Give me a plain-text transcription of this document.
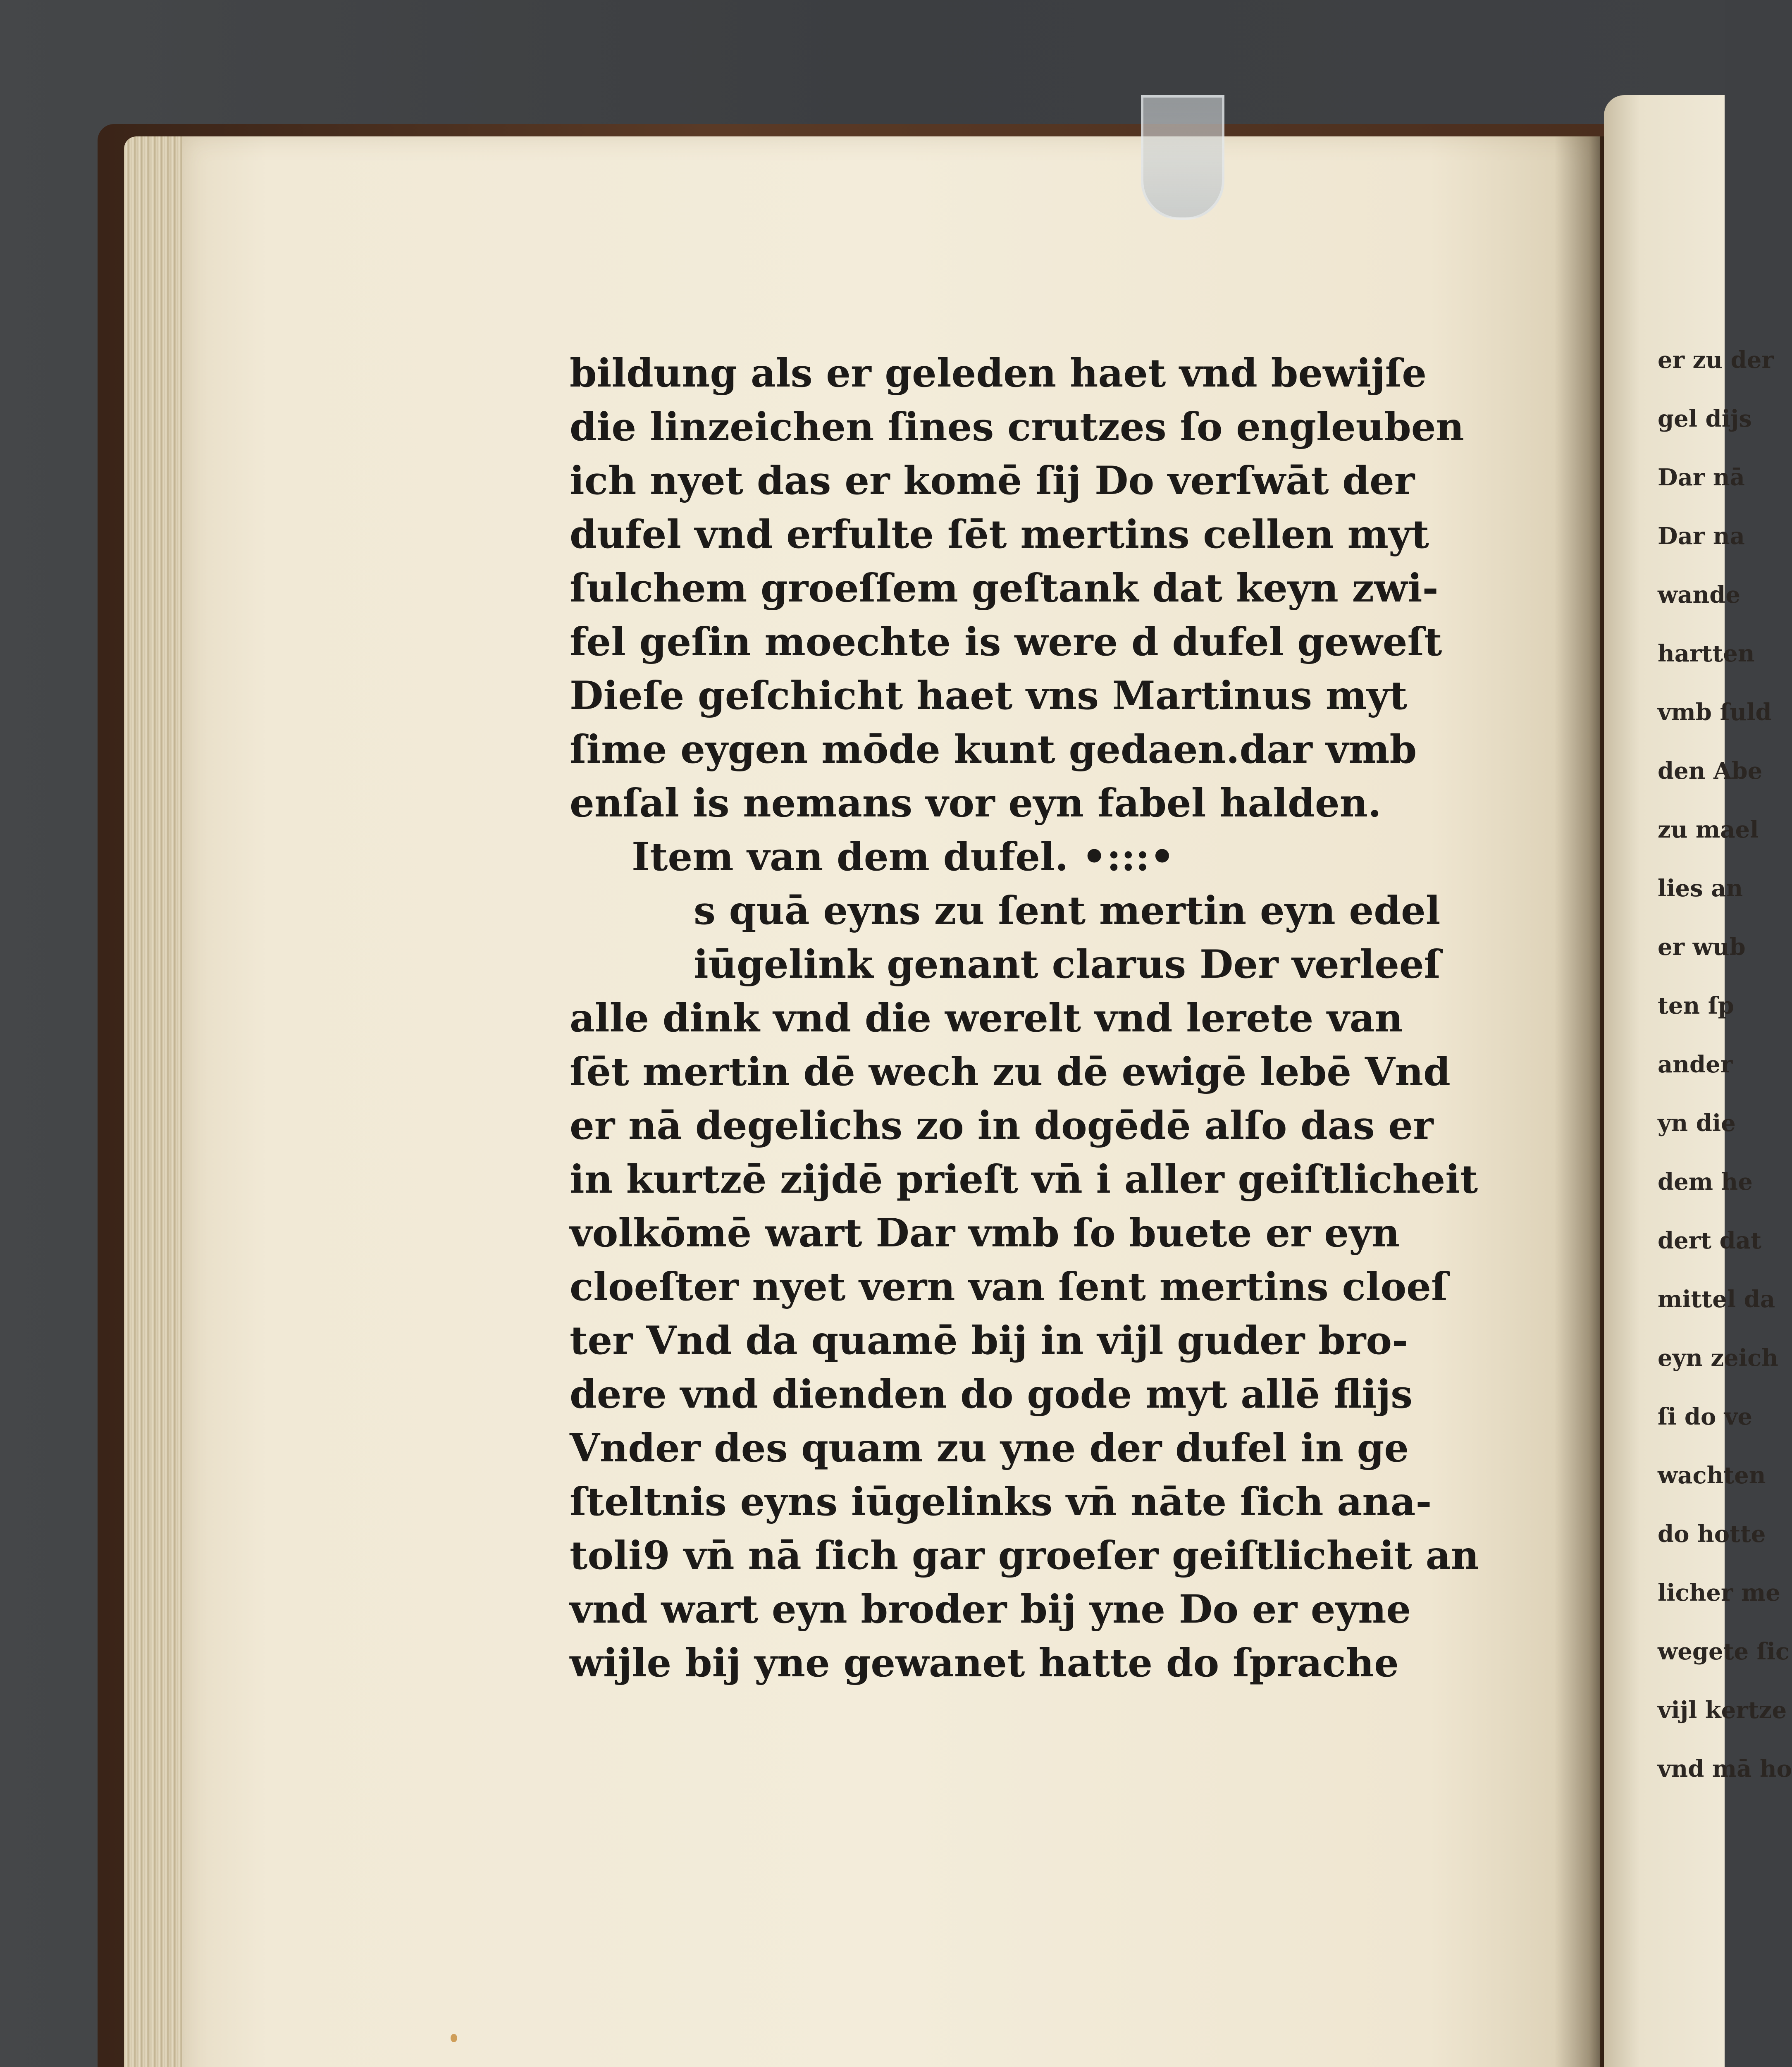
er zu der
gel dijs
Dar nā
Dar na
wande
hartten
vmb ſuld
den Abe
zu mael
lies an
er wub
ten ſp
ander
yn die
dem he
dert dat
mittel da
eyn zeich
ſi do ve
wachten
do hotte
licher me
wegete ſic
vijl kertze
vnd mā ho
bildung als er geleden haet vnd bewijſe
die linzeichen ſines crutzes ſo engleuben
ich nyet das er komē ſij Do verſwāt der
dufel vnd erfulte ſēt mertins cellen myt
ſulchem groeſſem geſtank dat keyn zwi-
fel geſin moechte is were d dufel geweſt
Dieſe geſchicht haet vns Martinus myt
ſime eygen mōde kunt gedaen.dar vmb
enſal is nemans vor eyn fabel halden.
Item van dem dufel. •:::•
s quā eyns zu ſent mertin eyn edel
iūgelink genant clarus Der verleeſ
alle dink vnd die werelt vnd lerete van
ſēt mertin dē wech zu dē ewigē lebē Vnd
er nā degelichs zo in dogēdē alſo das er
in kurtzē zijdē prieſt vn̄ i aller geiſtlicheit
volkōmē wart Dar vmb ſo buete er eyn
cloeſter nyet vern van ſent mertins cloeſ
ter Vnd da quamē bij in vijl guder bro-
dere vnd dienden do gode myt allē flijs
Vnder des quam zu yne der dufel in ge
ſteltnis eyns iūgelinks vn̄ nāte ſich ana-
toli9 vn̄ nā ſich gar groeſer geiſtlicheit an
vnd wart eyn broder bij yne Do er eyne
wijle bij yne gewanet hatte do ſprache
